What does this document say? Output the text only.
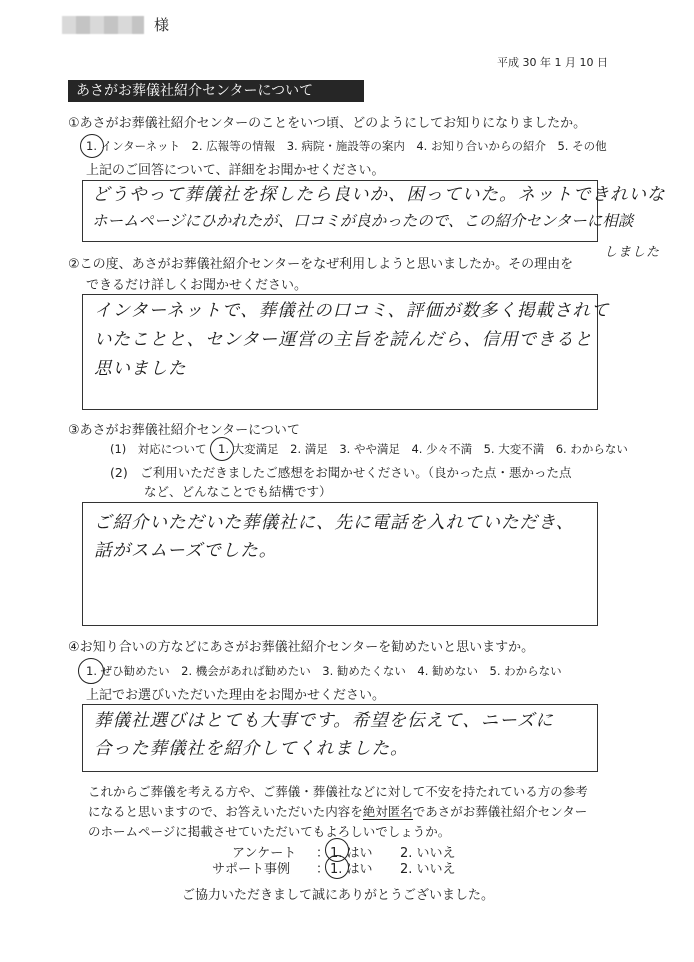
様
平成 30 年 1 月 10 日
あさがお葬儀社紹介センターについて
①あさがお葬儀社紹介センターのことをいつ頃、どのようにしてお知りになりましたか。
1. インターネット　2. 広報等の情報　3. 病院・施設等の案内　4. お知り合いからの紹介　5. その他
上記のご回答について、詳細をお聞かせください。
どうやって葬儀社を探したら良いか、困っていた。ネットできれいな
ホームページにひかれたが、口コミが良かったので、この紹介センターに相談
しました
②この度、あさがお葬儀社紹介センターをなぜ利用しようと思いましたか。その理由を
できるだけ詳しくお聞かせください。
インターネットで、葬儀社の口コミ、評価が数多く掲載されて
いたことと、センター運営の主旨を読んだら、信用できると
思いました
③あさがお葬儀社紹介センターについて
(1)　対応について　1. 大変満足　2. 満足　3. やや満足　4. 少々不満　5. 大変不満　6. わからない
(2)　ご利用いただきましたご感想をお聞かせください。（良かった点・悪かった点
など、どんなことでも結構です）
ご紹介いただいた葬儀社に、先に電話を入れていただき、
話がスムーズでした。
④お知り合いの方などにあさがお葬儀社紹介センターを勧めたいと思いますか。
1. ぜひ勧めたい　2. 機会があれば勧めたい　3. 勧めたくない　4. 勧めない　5. わからない
上記でお選びいただいた理由をお聞かせください。
葬儀社選びはとても大事です。希望を伝えて、ニーズに
合った葬儀社を紹介してくれました。
これからご葬儀を考える方や、ご葬儀・葬儀社などに対して不安を持たれている方の参考
になると思いますので、お答えいただいた内容を絶対匿名であさがお葬儀社紹介センター
のホームページに掲載させていただいてもよろしいでしょうか。
アンケート ： 1. はい 2. いいえ
サポート事例 ： 1. はい 2. いいえ
ご協力いただきまして誠にありがとうございました。
